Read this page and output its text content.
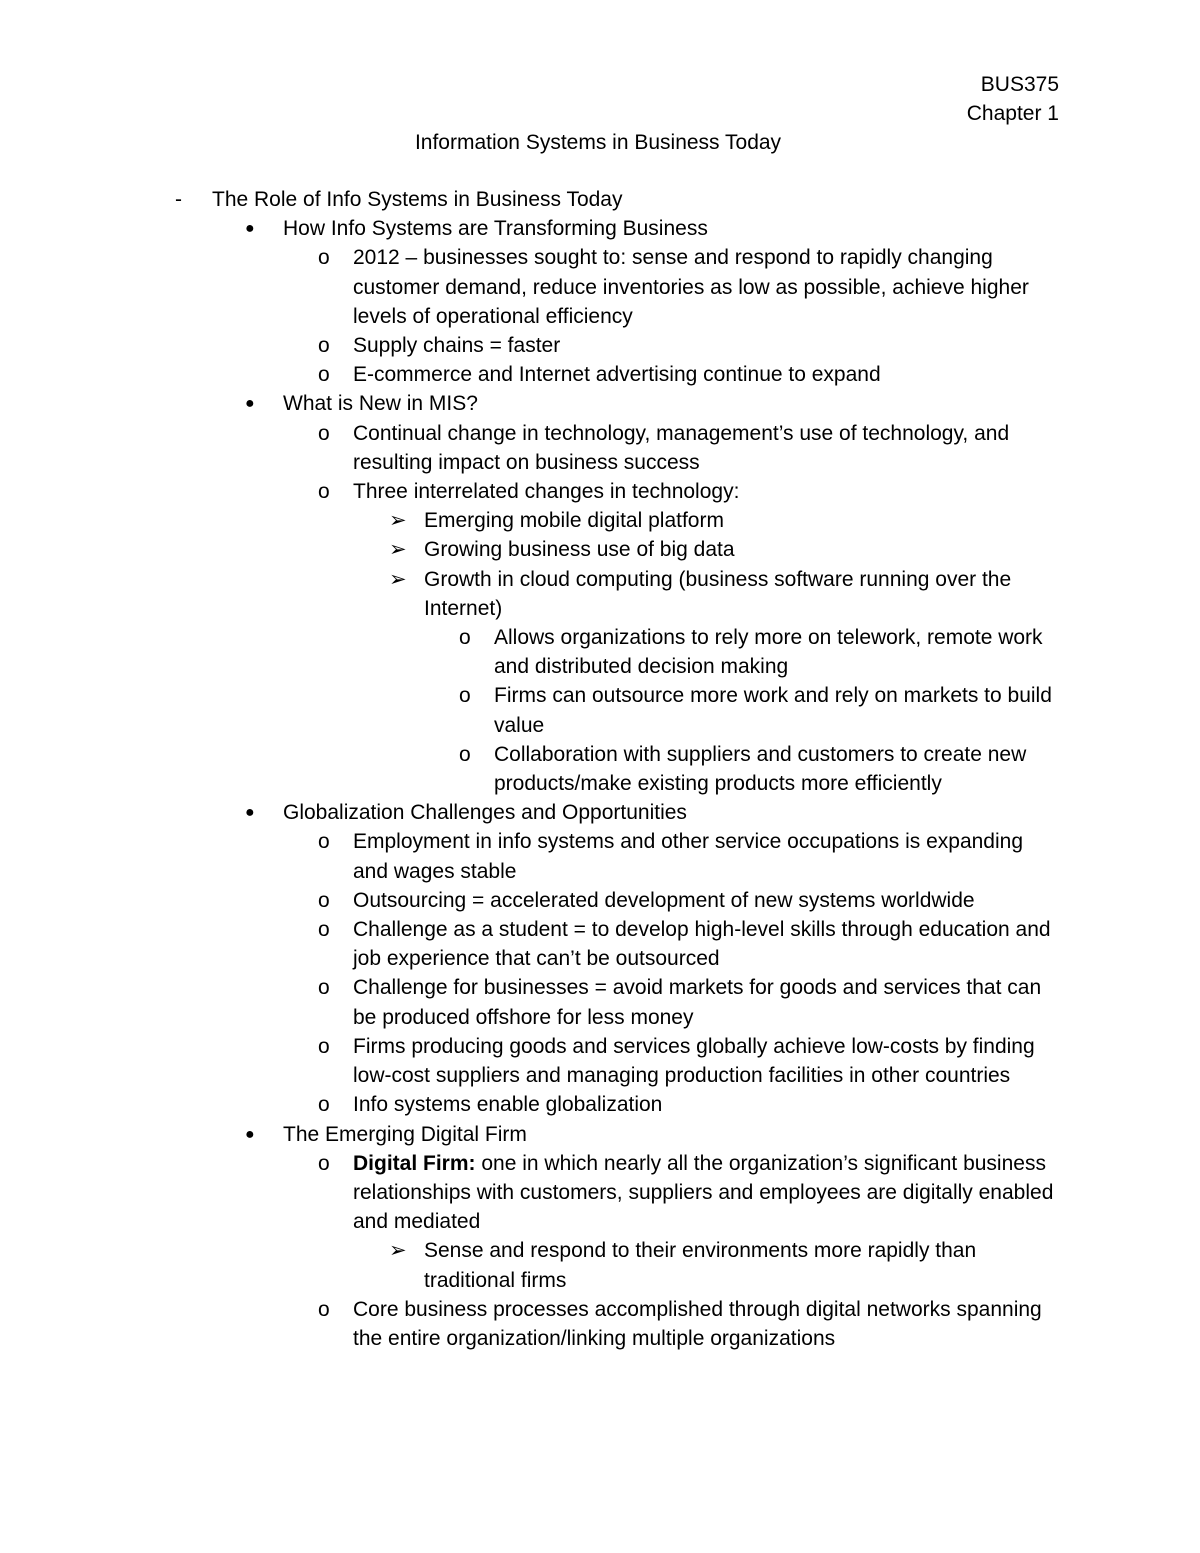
BUS375
Chapter 1
Information Systems in Business Today
- The Role of Info Systems in Business Today
● How Info Systems are Transforming Business
o 2012 – businesses sought to: sense and respond to rapidly changing customer demand, reduce inventories as low as possible, achieve higher levels of operational efficiency
o Supply chains = faster
o E-commerce and Internet advertising continue to expand
● What is New in MIS?
o Continual change in technology, management’s use of technology, and resulting impact on business success
o Three interrelated changes in technology:
➢ Emerging mobile digital platform
➢ Growing business use of big data
➢ Growth in cloud computing (business software running over the Internet)
o Allows organizations to rely more on telework, remote work and distributed decision making
o Firms can outsource more work and rely on markets to build value
o Collaboration with suppliers and customers to create new products/make existing products more efficiently
● Globalization Challenges and Opportunities
o Employment in info systems and other service occupations is expanding and wages stable
o Outsourcing = accelerated development of new systems worldwide
o Challenge as a student = to develop high-level skills through education and job experience that can’t be outsourced
o Challenge for businesses = avoid markets for goods and services that can be produced offshore for less money
o Firms producing goods and services globally achieve low-costs by finding low-cost suppliers and managing production facilities in other countries
o Info systems enable globalization
● The Emerging Digital Firm
o Digital Firm: one in which nearly all the organization’s significant business relationships with customers, suppliers and employees are digitally enabled and mediated
➢ Sense and respond to their environments more rapidly than traditional firms
o Core business processes accomplished through digital networks spanning the entire organization/linking multiple organizations
